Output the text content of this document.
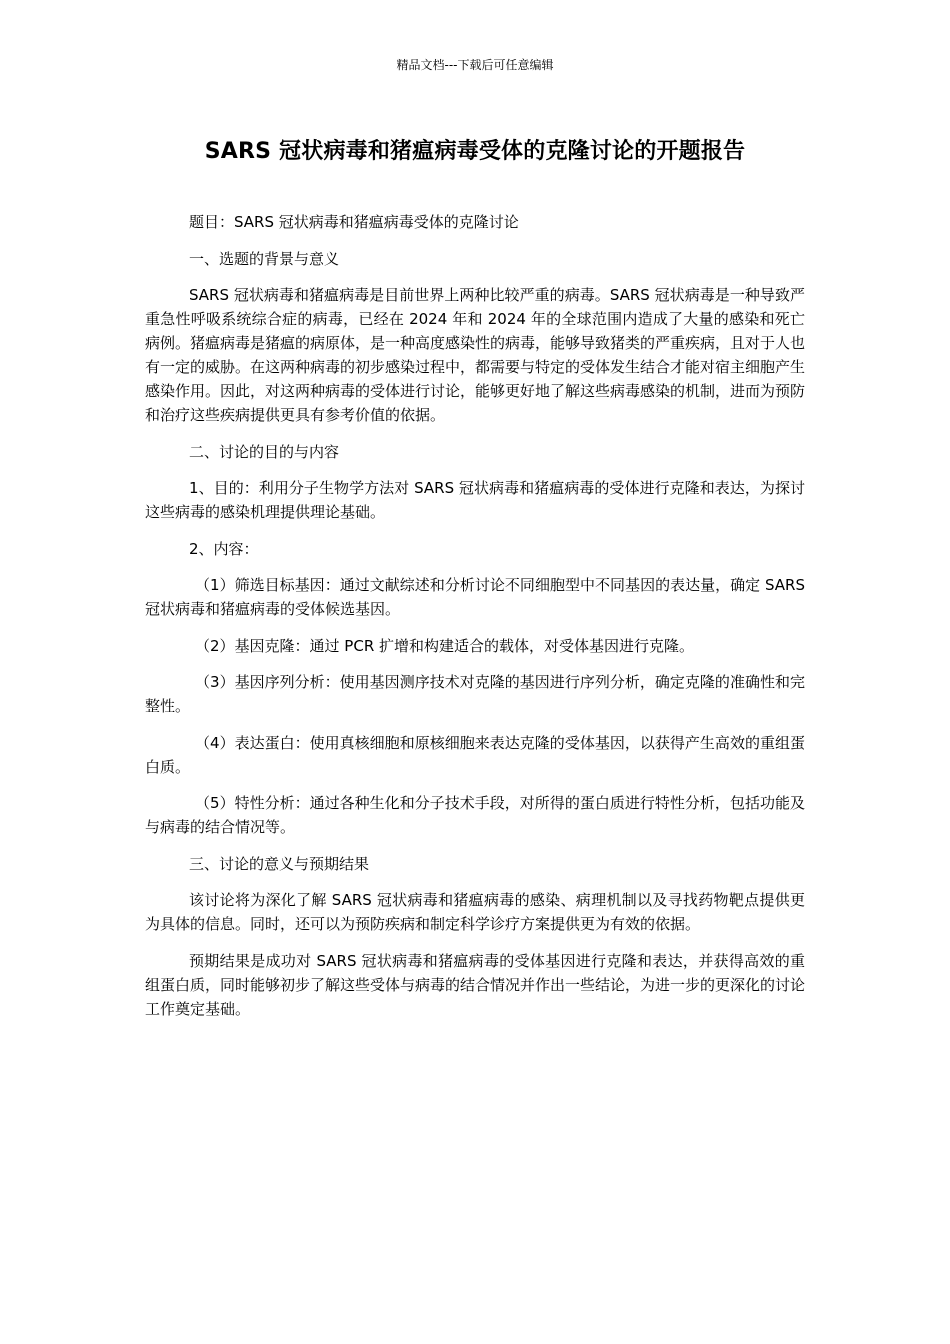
精品文档---下载后可任意编辑
SARS 冠状病毒和猪瘟病毒受体的克隆讨论的开题报告

题目：SARS 冠状病毒和猪瘟病毒受体的克隆讨论

一、选题的背景与意义

SARS 冠状病毒和猪瘟病毒是目前世界上两种比较严重的病毒。SARS 冠状病毒是一种导致严重急性呼吸系统综合症的病毒，已经在 2024 年和 2024 年的全球范围内造成了大量的感染和死亡病例。猪瘟病毒是猪瘟的病原体，是一种高度感染性的病毒，能够导致猪类的严重疾病，且对于人也有一定的威胁。在这两种病毒的初步感染过程中，都需要与特定的受体发生结合才能对宿主细胞产生感染作用。因此，对这两种病毒的受体进行讨论，能够更好地了解这些病毒感染的机制，进而为预防和治疗这些疾病提供更具有参考价值的依据。

二、讨论的目的与内容

1、目的：利用分子生物学方法对 SARS 冠状病毒和猪瘟病毒的受体进行克隆和表达，为探讨这些病毒的感染机理提供理论基础。

2、内容：

（1）筛选目标基因：通过文献综述和分析讨论不同细胞型中不同基因的表达量，确定 SARS 冠状病毒和猪瘟病毒的受体候选基因。

（2）基因克隆：通过 PCR 扩增和构建适合的载体，对受体基因进行克隆。

（3）基因序列分析：使用基因测序技术对克隆的基因进行序列分析，确定克隆的准确性和完整性。

（4）表达蛋白：使用真核细胞和原核细胞来表达克隆的受体基因，以获得产生高效的重组蛋白质。

（5）特性分析：通过各种生化和分子技术手段，对所得的蛋白质进行特性分析，包括功能及与病毒的结合情况等。

三、讨论的意义与预期结果

该讨论将为深化了解 SARS 冠状病毒和猪瘟病毒的感染、病理机制以及寻找药物靶点提供更为具体的信息。同时，还可以为预防疾病和制定科学诊疗方案提供更为有效的依据。

预期结果是成功对 SARS 冠状病毒和猪瘟病毒的受体基因进行克隆和表达，并获得高效的重组蛋白质，同时能够初步了解这些受体与病毒的结合情况并作出一些结论，为进一步的更深化的讨论工作奠定基础。
